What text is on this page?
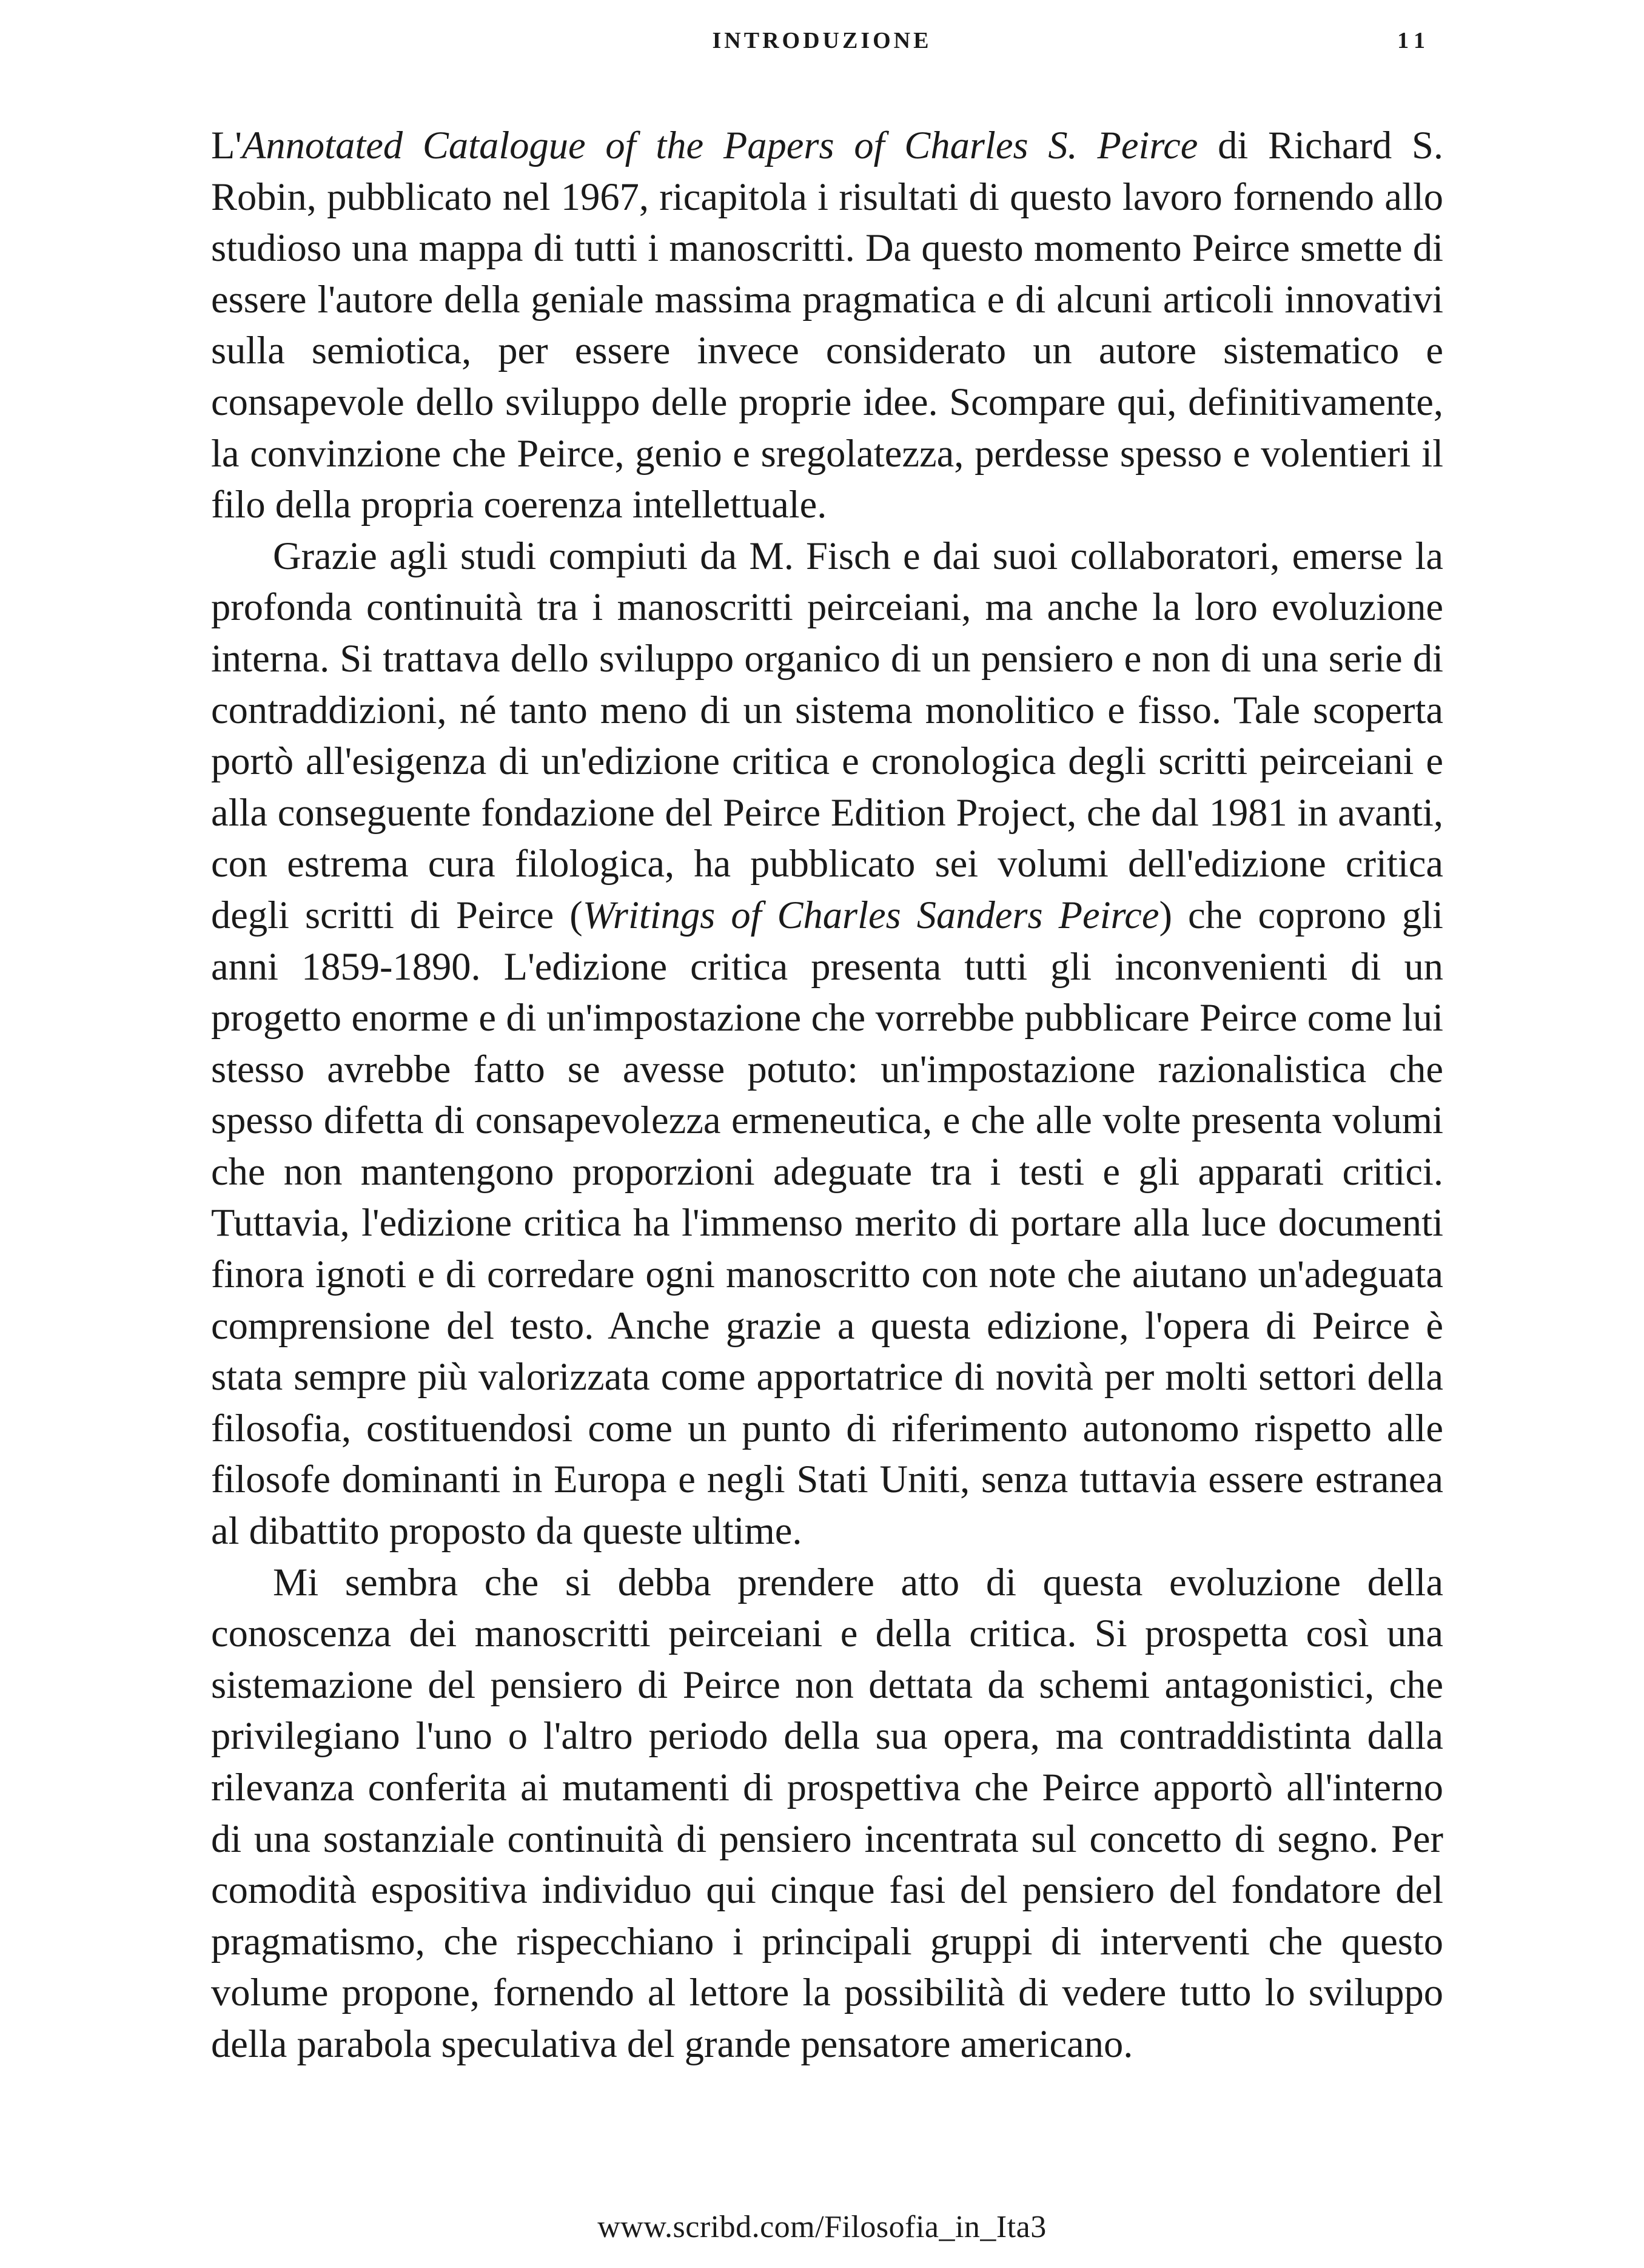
INTRODUZIONE	11

L'Annotated Catalogue of the Papers of Charles S. Peirce di Richard S. Robin, pubblicato nel 1967, ricapitola i risultati di questo lavoro fornendo allo studioso una mappa di tutti i manoscritti. Da questo momento Peirce smette di essere l'autore della geniale massima pragmatica e di alcuni articoli innovativi sulla semiotica, per essere invece considerato un autore sistematico e consapevole dello sviluppo delle proprie idee. Scompare qui, definitivamente, la convinzione che Peirce, genio e sregolatezza, perdesse spesso e volentieri il filo della propria coerenza intellettuale.

Grazie agli studi compiuti da M. Fisch e dai suoi collaboratori, emerse la profonda continuità tra i manoscritti peirceiani, ma anche la loro evoluzione interna. Si trattava dello sviluppo organico di un pensiero e non di una serie di contraddizioni, né tanto meno di un sistema monolitico e fisso. Tale scoperta portò all'esigenza di un'edizione critica e cronologica degli scritti peirceiani e alla conseguente fondazione del Peirce Edition Project, che dal 1981 in avanti, con estrema cura filologica, ha pubblicato sei volumi dell'edizione critica degli scritti di Peirce (Writings of Charles Sanders Peirce) che coprono gli anni 1859-1890. L'edizione critica presenta tutti gli inconvenienti di un progetto enorme e di un'impostazione che vorrebbe pubblicare Peirce come lui stesso avrebbe fatto se avesse potuto: un'impostazione razionalistica che spesso difetta di consapevolezza ermeneutica, e che alle volte presenta volumi che non mantengono proporzioni adeguate tra i testi e gli apparati critici. Tuttavia, l'edizione critica ha l'immenso merito di portare alla luce documenti finora ignoti e di corredare ogni manoscritto con note che aiutano un'adeguata comprensione del testo. Anche grazie a questa edizione, l'opera di Peirce è stata sempre più valorizzata come apportatrice di novità per molti settori della filosofia, costituendosi come un punto di riferimento autonomo rispetto alle filosofe dominanti in Europa e negli Stati Uniti, senza tuttavia essere estranea al dibattito proposto da queste ultime.

Mi sembra che si debba prendere atto di questa evoluzione della conoscenza dei manoscritti peirceiani e della critica. Si prospetta così una sistemazione del pensiero di Peirce non dettata da schemi antagonistici, che privilegiano l'uno o l'altro periodo della sua opera, ma contraddistinta dalla rilevanza conferita ai mutamenti di prospettiva che Peirce apportò all'interno di una sostanziale continuità di pensiero incentrata sul concetto di segno. Per comodità espositiva individuo qui cinque fasi del pensiero del fondatore del pragmatismo, che rispecchiano i principali gruppi di interventi che questo volume propone, fornendo al lettore la possibilità di vedere tutto lo sviluppo della parabola speculativa del grande pensatore americano.

www.scribd.com/Filosofia_in_Ita3
